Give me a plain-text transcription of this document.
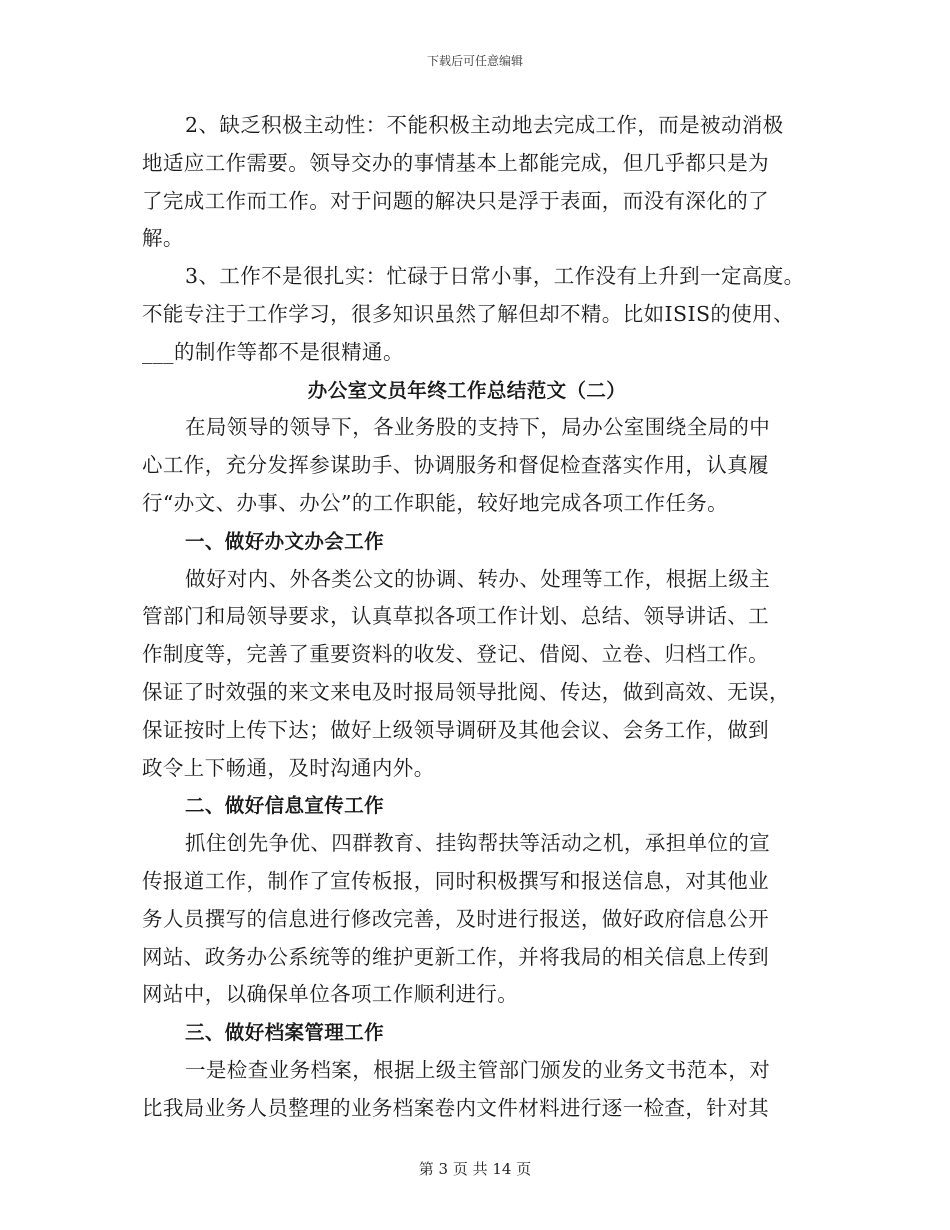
下载后可任意编辑
2、缺乏积极主动性：不能积极主动地去完成工作，而是被动消极
地适应工作需要。领导交办的事情基本上都能完成，但几乎都只是为
了完成工作而工作。对于问题的解决只是浮于表面，而没有深化的了
解。
3、工作不是很扎实：忙碌于日常小事，工作没有上升到一定高度。
不能专注于工作学习，很多知识虽然了解但却不精。比如ISIS的使用、
___的制作等都不是很精通。
办公室文员年终工作总结范文（二）
在局领导的领导下，各业务股的支持下，局办公室围绕全局的中
心工作，充分发挥参谋助手、协调服务和督促检查落实作用，认真履
行“办文、办事、办公”的工作职能，较好地完成各项工作任务。
一、做好办文办会工作
做好对内、外各类公文的协调、转办、处理等工作，根据上级主
管部门和局领导要求，认真草拟各项工作计划、总结、领导讲话、工
作制度等，完善了重要资料的收发、登记、借阅、立卷、归档工作。
保证了时效强的来文来电及时报局领导批阅、传达，做到高效、无误，
保证按时上传下达；做好上级领导调研及其他会议、会务工作，做到
政令上下畅通，及时沟通内外。
二、做好信息宣传工作
抓住创先争优、四群教育、挂钩帮扶等活动之机，承担单位的宣
传报道工作，制作了宣传板报，同时积极撰写和报送信息，对其他业
务人员撰写的信息进行修改完善，及时进行报送，做好政府信息公开
网站、政务办公系统等的维护更新工作，并将我局的相关信息上传到
网站中，以确保单位各项工作顺利进行。
三、做好档案管理工作
一是检查业务档案，根据上级主管部门颁发的业务文书范本，对
比我局业务人员整理的业务档案卷内文件材料进行逐一检查，针对其
第 3 页 共 14 页
